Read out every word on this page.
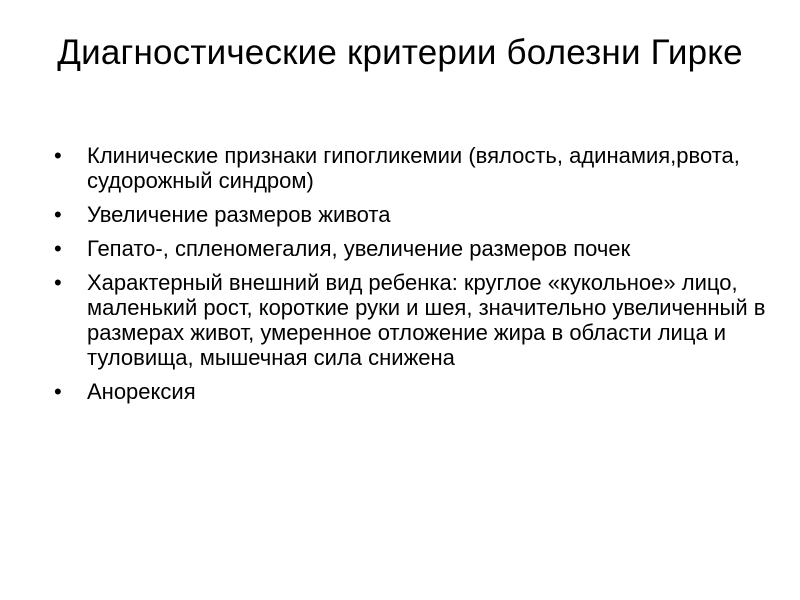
Диагностические критерии болезни Гирке
•	Клинические признаки гипогликемии (вялость, адинамия,рвота, судорожный синдром)
•	Увеличение размеров живота
•	Гепато-, спленомегалия, увеличение размеров почек
•	Характерный внешний вид ребенка: круглое «кукольное» лицо, маленький рост, короткие руки и шея, значительно увеличенный в размерах живот, умеренное отложение жира в области лица и туловища, мышечная сила снижена
•	Анорексия
